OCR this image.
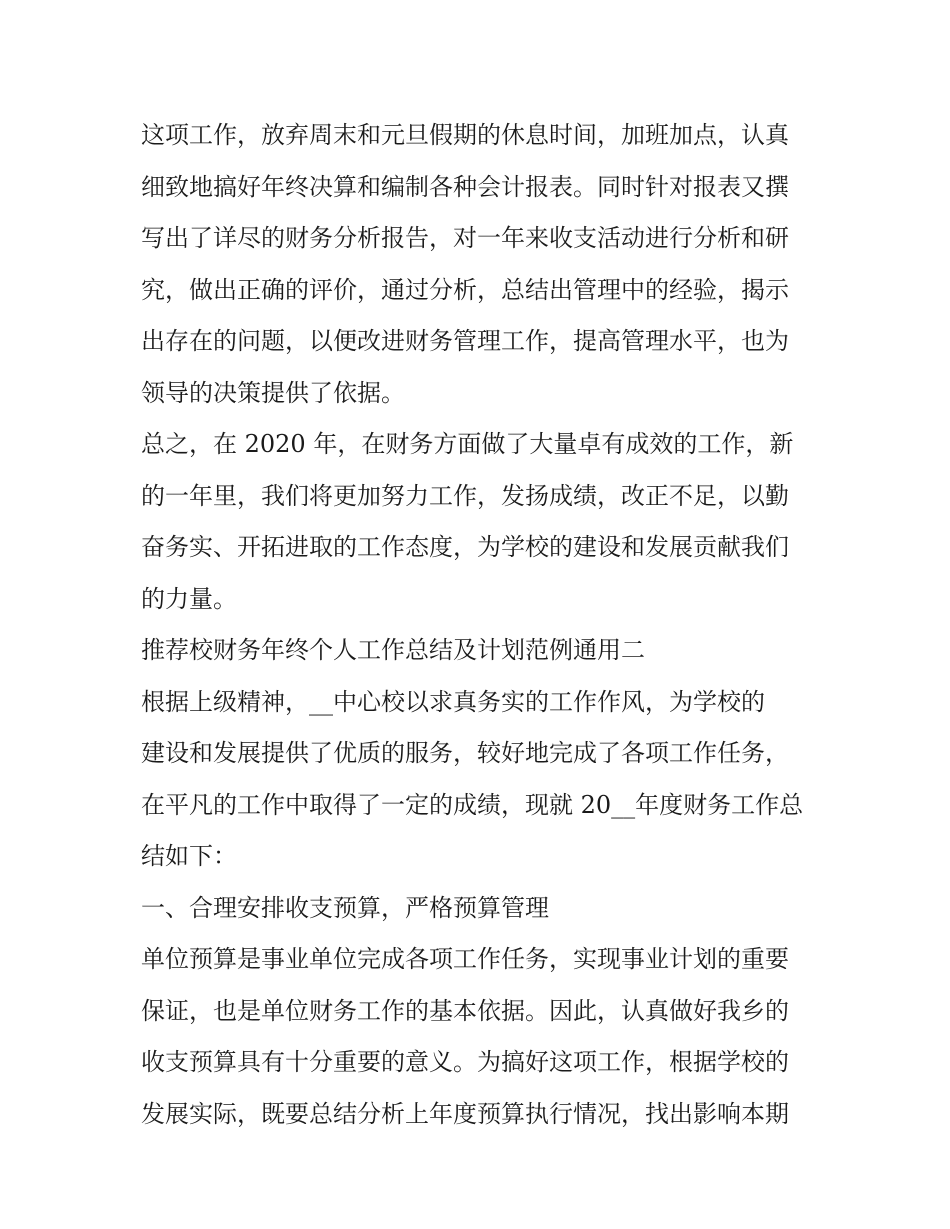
这项工作，放弃周末和元旦假期的休息时间，加班加点，认真
细致地搞好年终决算和编制各种会计报表。同时针对报表又撰
写出了详尽的财务分析报告，对一年来收支活动进行分析和研
究，做出正确的评价，通过分析，总结出管理中的经验，揭示
出存在的问题，以便改进财务管理工作，提高管理水平，也为
领导的决策提供了依据。

总之，在 2020 年，在财务方面做了大量卓有成效的工作，新
的一年里，我们将更加努力工作，发扬成绩，改正不足，以勤
奋务实、开拓进取的工作态度，为学校的建设和发展贡献我们
的力量。

推荐校财务年终个人工作总结及计划范例通用二

根据上级精神，__中心校以求真务实的工作作风，为学校的
建设和发展提供了优质的服务，较好地完成了各项工作任务，
在平凡的工作中取得了一定的成绩，现就 20__年度财务工作总
结如下：

一、合理安排收支预算，严格预算管理

单位预算是事业单位完成各项工作任务，实现事业计划的重要
保证，也是单位财务工作的基本依据。因此，认真做好我乡的
收支预算具有十分重要的意义。为搞好这项工作，根据学校的
发展实际，既要总结分析上年度预算执行情况，找出影响本期
